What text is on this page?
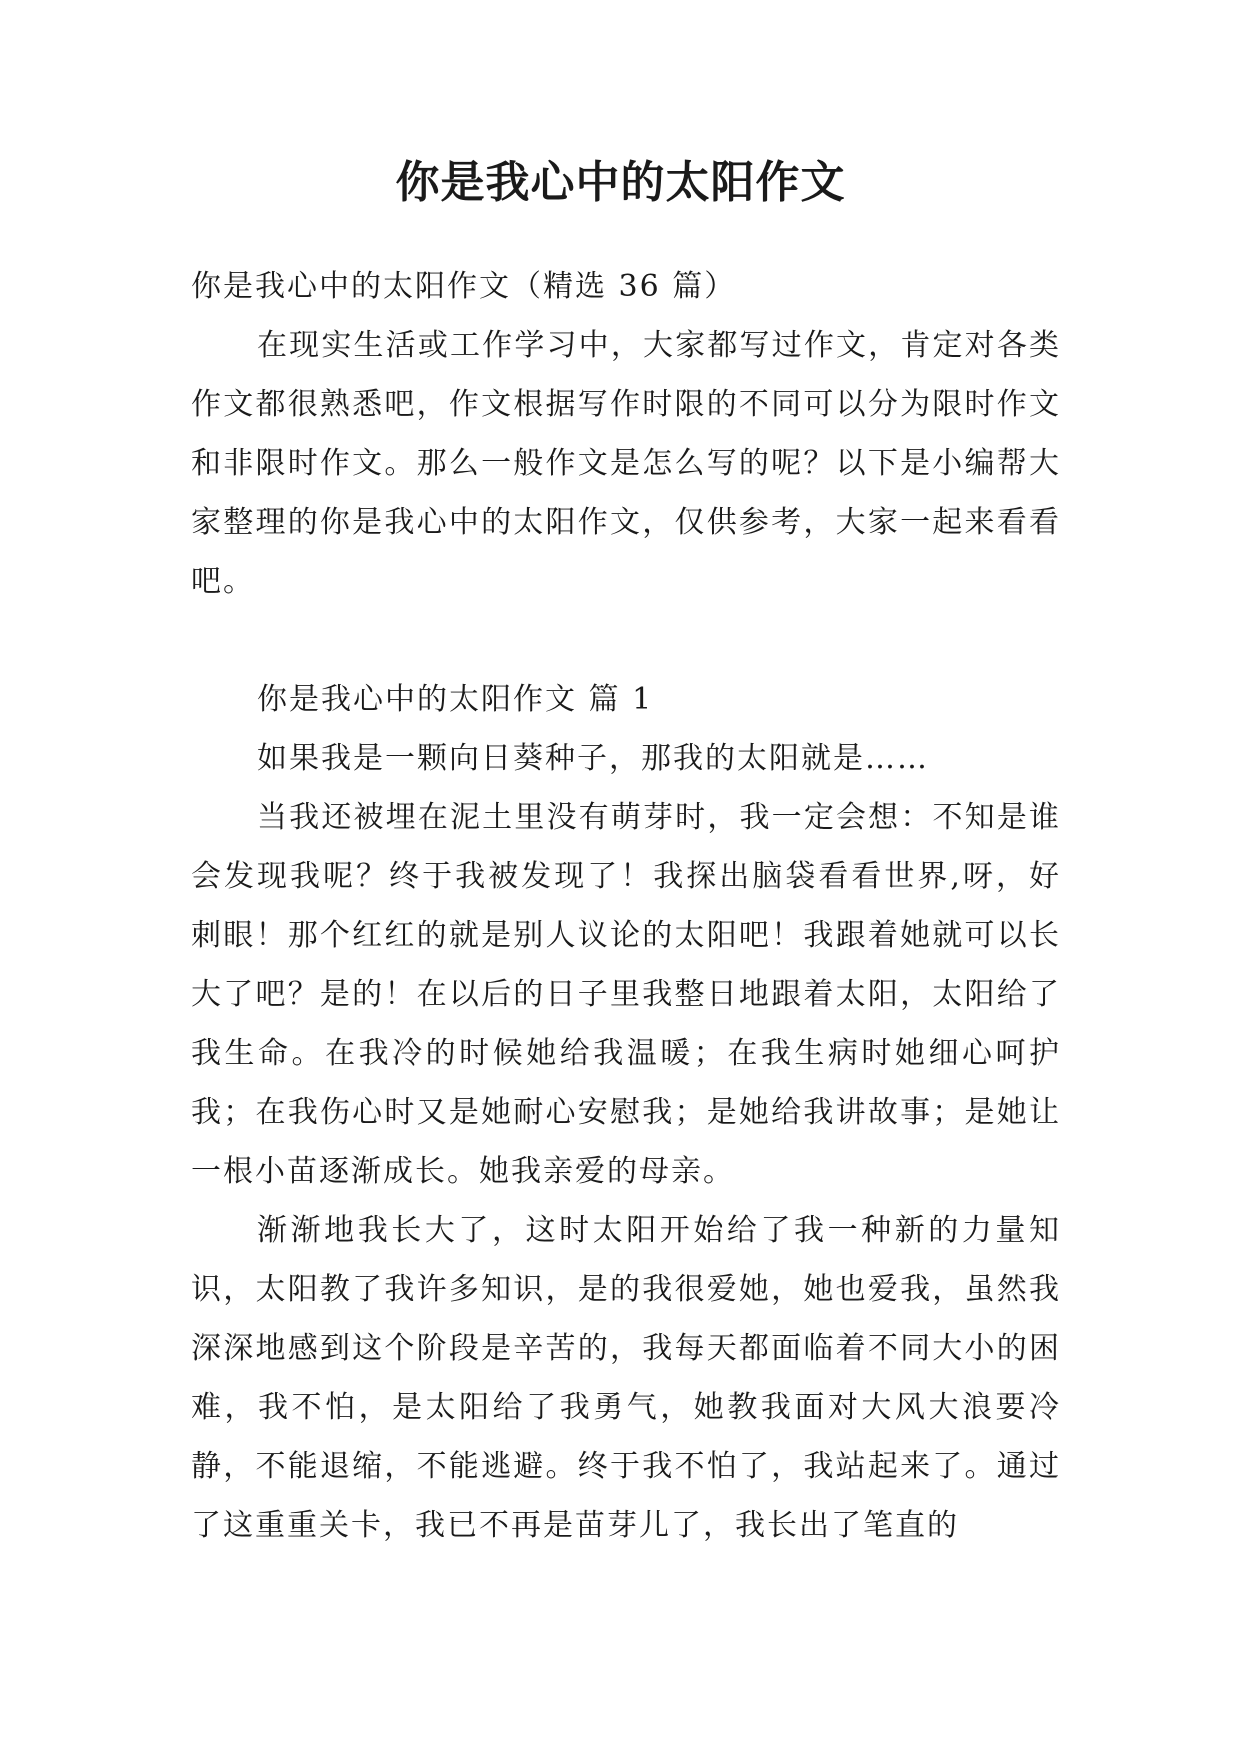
你是我心中的太阳作文

你是我心中的太阳作文（精选 36 篇）

在现实生活或工作学习中，大家都写过作文，肯定对各类作文都很熟悉吧，作文根据写作时限的不同可以分为限时作文和非限时作文。那么一般作文是怎么写的呢？以下是小编帮大家整理的你是我心中的太阳作文，仅供参考，大家一起来看看吧。

你是我心中的太阳作文 篇 1

如果我是一颗向日葵种子，那我的太阳就是……

当我还被埋在泥土里没有萌芽时，我一定会想：不知是谁会发现我呢？终于我被发现了！我探出脑袋看看世界,呀，好刺眼！那个红红的就是别人议论的太阳吧！我跟着她就可以长大了吧？是的！在以后的日子里我整日地跟着太阳，太阳给了我生命。在我冷的时候她给我温暖；在我生病时她细心呵护我；在我伤心时又是她耐心安慰我；是她给我讲故事；是她让一根小苗逐渐成长。她我亲爱的母亲。

渐渐地我长大了，这时太阳开始给了我一种新的力量知识，太阳教了我许多知识，是的我很爱她，她也爱我，虽然我深深地感到这个阶段是辛苦的，我每天都面临着不同大小的困难，我不怕，是太阳给了我勇气，她教我面对大风大浪要冷静，不能退缩，不能逃避。终于我不怕了，我站起来了。通过了这重重关卡，我已不再是苗芽儿了，我长出了笔直的
